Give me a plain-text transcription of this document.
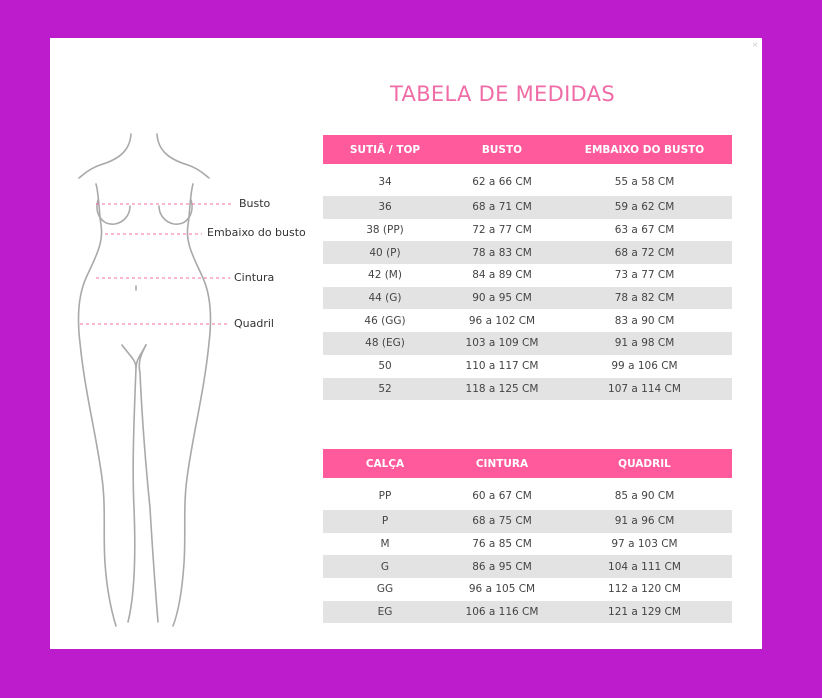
×
TABELA DE MEDIDAS
Busto
Embaixo do busto
Cintura
Quadril
SUTIÃ / TOP	BUSTO	EMBAIXO DO BUSTO
34	62 a 66 CM	55 a 58 CM
36	68 a 71 CM	59 a 62 CM
38 (PP)	72 a 77 CM	63 a 67 CM
40 (P)	78 a 83 CM	68 a 72 CM
42 (M)	84 a 89 CM	73 a 77 CM
44 (G)	90 a 95 CM	78 a 82 CM
46 (GG)	96 a 102 CM	83 a 90 CM
48 (EG)	103 a 109 CM	91 a 98 CM
50	110 a 117 CM	99 a 106 CM
52	118 a 125 CM	107 a 114 CM
CALÇA	CINTURA	QUADRIL
PP	60 a 67 CM	85 a 90 CM
P	68 a 75 CM	91 a 96 CM
M	76 a 85 CM	97 a 103 CM
G	86 a 95 CM	104 a 111 CM
GG	96 a 105 CM	112 a 120 CM
EG	106 a 116 CM	121 a 129 CM
